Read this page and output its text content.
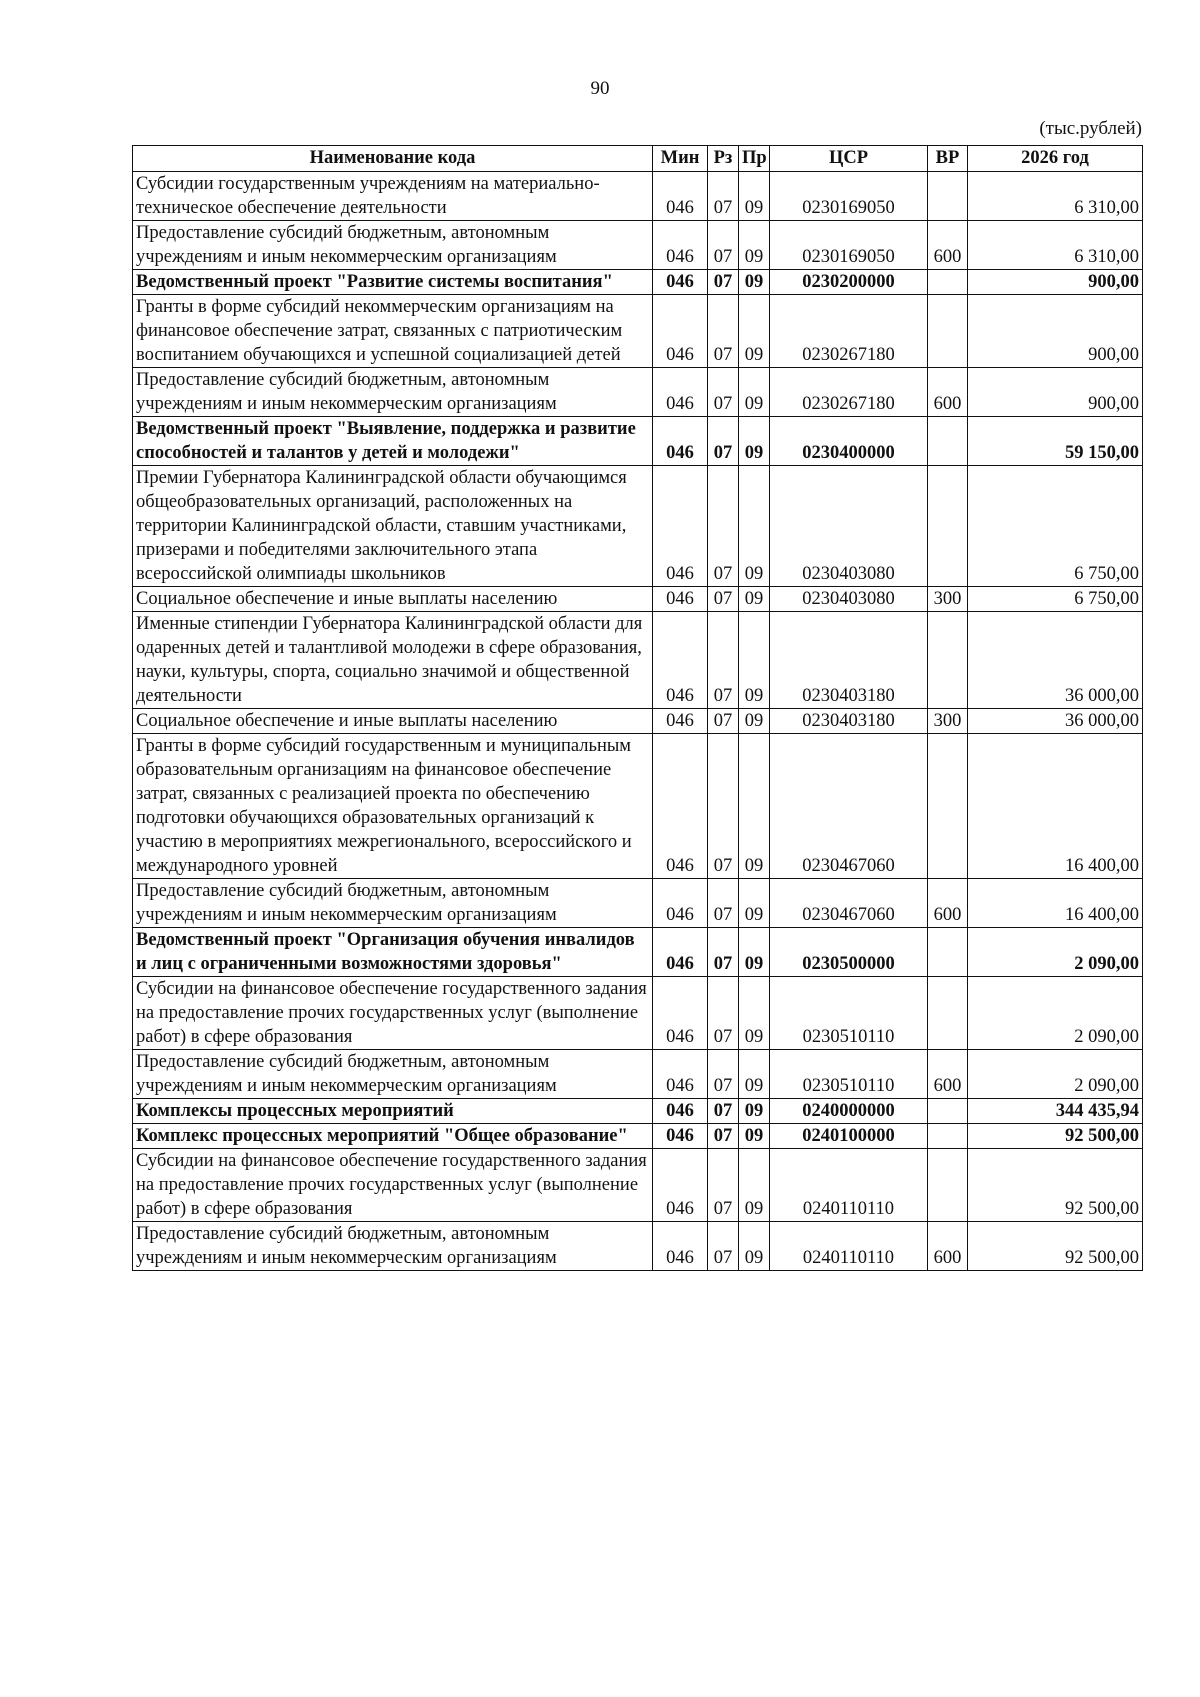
90
(тыс.рублей)
Наименование кода	Мин	Рз	Пр	ЦСР	ВР	2026 год
Субсидии государственным учреждениям на материально-техническое обеспечение деятельности	046	07	09	0230169050		6 310,00
Предоставление субсидий бюджетным, автономным учреждениям и иным некоммерческим организациям	046	07	09	0230169050	600	6 310,00
Ведомственный проект "Развитие системы воспитания"	046	07	09	0230200000		900,00
Гранты в форме субсидий некоммерческим организациям на финансовое обеспечение затрат, связанных с патриотическим воспитанием обучающихся и успешной социализацией детей	046	07	09	0230267180		900,00
Предоставление субсидий бюджетным, автономным учреждениям и иным некоммерческим организациям	046	07	09	0230267180	600	900,00
Ведомственный проект "Выявление, поддержка и развитие способностей и талантов у детей и молодежи"	046	07	09	0230400000		59 150,00
Премии Губернатора Калининградской области обучающимся общеобразовательных организаций, расположенных на территории Калининградской области, ставшим участниками, призерами и победителями заключительного этапа всероссийской олимпиады школьников	046	07	09	0230403080		6 750,00
Социальное обеспечение и иные выплаты населению	046	07	09	0230403080	300	6 750,00
Именные стипендии Губернатора Калининградской области для одаренных детей и талантливой молодежи в сфере образования, науки, культуры, спорта, социально значимой и общественной деятельности	046	07	09	0230403180		36 000,00
Социальное обеспечение и иные выплаты населению	046	07	09	0230403180	300	36 000,00
Гранты в форме субсидий государственным и муниципальным образовательным организациям на финансовое обеспечение затрат, связанных с реализацией проекта по обеспечению подготовки обучающихся образовательных организаций к участию в мероприятиях межрегионального, всероссийского и международного уровней	046	07	09	0230467060		16 400,00
Предоставление субсидий бюджетным, автономным учреждениям и иным некоммерческим организациям	046	07	09	0230467060	600	16 400,00
Ведомственный проект "Организация обучения инвалидов и лиц с ограниченными возможностями здоровья"	046	07	09	0230500000		2 090,00
Субсидии на финансовое обеспечение государственного задания на предоставление прочих государственных услуг (выполнение работ) в сфере образования	046	07	09	0230510110		2 090,00
Предоставление субсидий бюджетным, автономным учреждениям и иным некоммерческим организациям	046	07	09	0230510110	600	2 090,00
Комплексы процессных мероприятий	046	07	09	0240000000		344 435,94
Комплекс процессных мероприятий "Общее образование"	046	07	09	0240100000		92 500,00
Субсидии на финансовое обеспечение государственного задания на предоставление прочих государственных услуг (выполнение работ) в сфере образования	046	07	09	0240110110		92 500,00
Предоставление субсидий бюджетным, автономным учреждениям и иным некоммерческим организациям	046	07	09	0240110110	600	92 500,00
